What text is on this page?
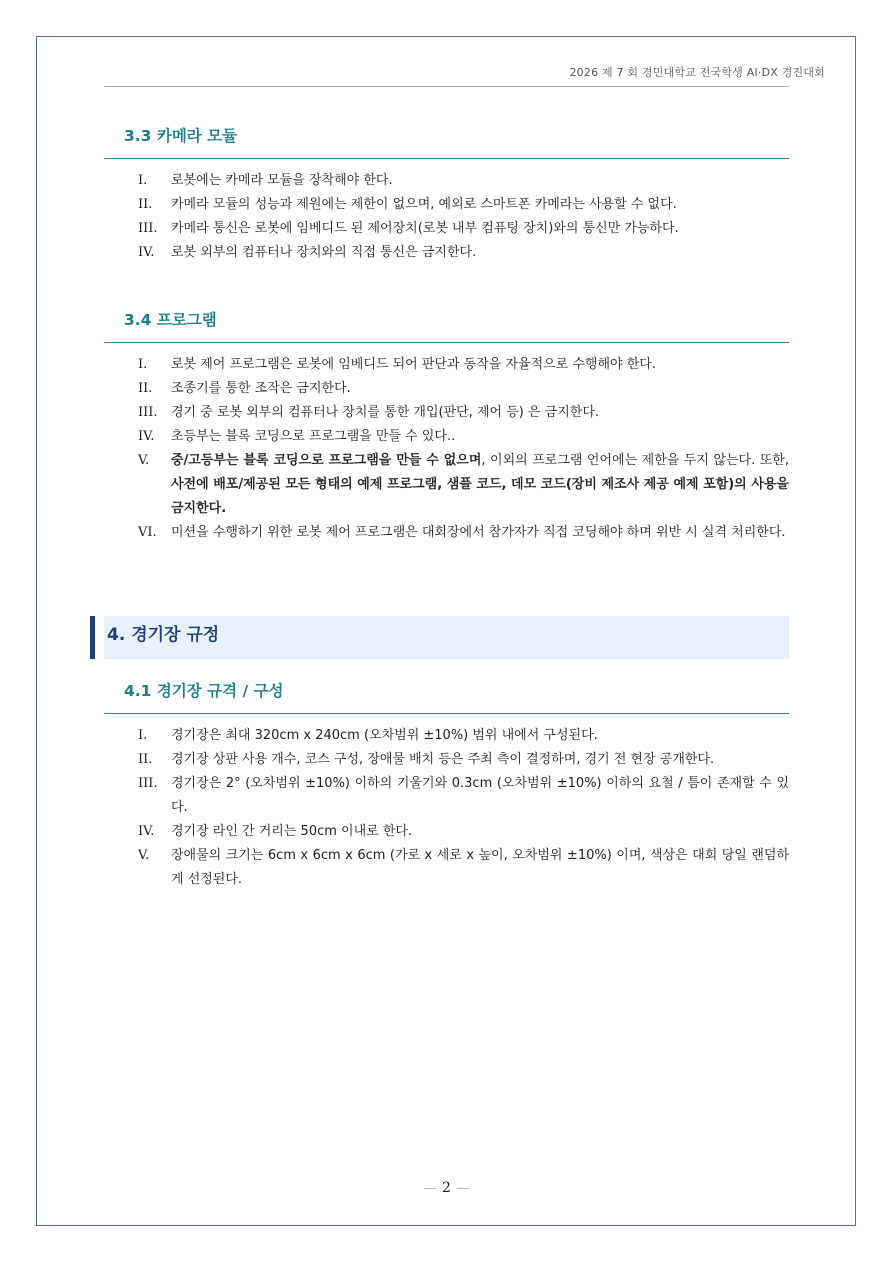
2026 제 7 회 경민대학교 전국학생 AI·DX 경진대회
3.3 카메라 모듈
I. 로봇에는 카메라 모듈을 장착해야 한다.
II. 카메라 모듈의 성능과 제원에는 제한이 없으며, 예외로 스마트폰 카메라는 사용할 수 없다.
III. 카메라 통신은 로봇에 임베디드 된 제어장치(로봇 내부 컴퓨팅 장치)와의 통신만 가능하다.
IV. 로봇 외부의 컴퓨터나 장치와의 직접 통신은 금지한다.
3.4 프로그램
I. 로봇 제어 프로그램은 로봇에 임베디드 되어 판단과 동작을 자율적으로 수행해야 한다.
II. 조종기를 통한 조작은 금지한다.
III. 경기 중 로봇 외부의 컴퓨터나 장치를 통한 개입(판단, 제어 등) 은 금지한다.
IV. 초등부는 블록 코딩으로 프로그램을 만들 수 있다..
V. 중/고등부는 블록 코딩으로 프로그램을 만들 수 없으며, 이외의 프로그램 언어에는 제한을 두지 않는다. 또한, 사전에 배포/제공된 모든 형태의 예제 프로그램, 샘플 코드, 데모 코드(장비 제조사 제공 예제 포함)의 사용을 금지한다.
VI. 미션을 수행하기 위한 로봇 제어 프로그램은 대회장에서 참가자가 직접 코딩해야 하며 위반 시 실격 처리한다.
4. 경기장 규정
4.1 경기장 규격 / 구성
I. 경기장은 최대 320cm x 240cm (오차범위 ±10%) 범위 내에서 구성된다.
II. 경기장 상판 사용 개수, 코스 구성, 장애물 배치 등은 주최 측이 결정하며, 경기 전 현장 공개한다.
III. 경기장은 2° (오차범위 ±10%) 이하의 기울기와 0.3cm (오차범위 ±10%) 이하의 요철 / 틈이 존재할 수 있다.
IV. 경기장 라인 간 거리는 50cm 이내로 한다.
V. 장애물의 크기는 6cm x 6cm x 6cm (가로 x 세로 x 높이, 오차범위 ±10%) 이며, 색상은 대회 당일 랜덤하게 선정된다.
2
